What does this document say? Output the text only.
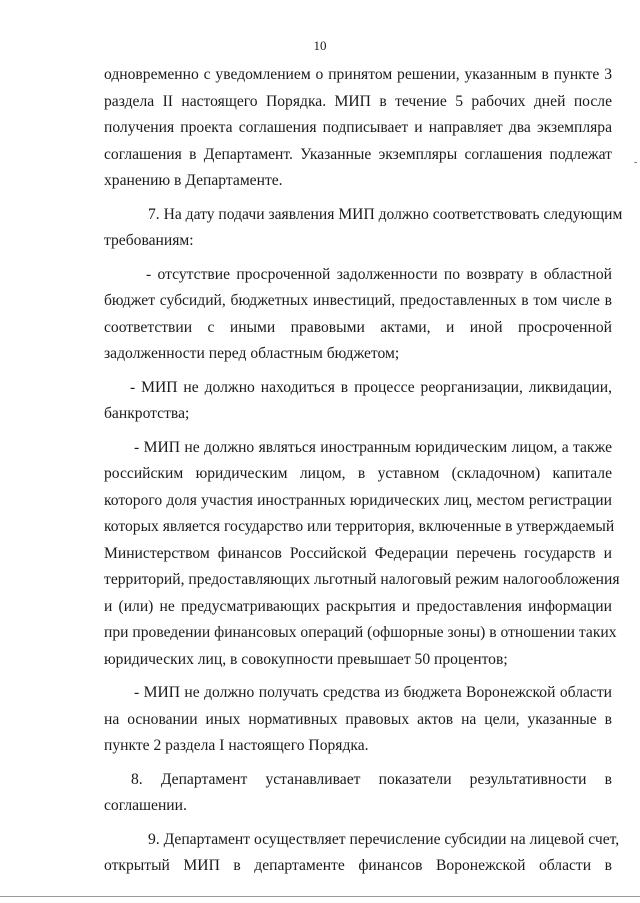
10
-
одновременно с уведомлением о принятом решении, указанным в пункте 3
раздела II настоящего Порядка. МИП в течение 5 рабочих дней после
получения проекта соглашения подписывает и направляет два экземпляра
соглашения в Департамент. Указанные экземпляры соглашения подлежат
хранению в Департаменте.
7. На дату подачи заявления МИП должно соответствовать следующим
требованиям:
- отсутствие просроченной задолженности по возврату в областной
бюджет субсидий, бюджетных инвестиций, предоставленных в том числе в
соответствии с иными правовыми актами, и иной просроченной
задолженности перед областным бюджетом;
- МИП не должно находиться в процессе реорганизации, ликвидации,
банкротства;
- МИП не должно являться иностранным юридическим лицом, а также
российским юридическим лицом, в уставном (складочном) капитале
которого доля участия иностранных юридических лиц, местом регистрации
которых является государство или территория, включенные в утверждаемый
Министерством финансов Российской Федерации перечень государств и
территорий, предоставляющих льготный налоговый режим налогообложения
и (или) не предусматривающих раскрытия и предоставления информации
при проведении финансовых операций (офшорные зоны) в отношении таких
юридических лиц, в совокупности превышает 50 процентов;
- МИП не должно получать средства из бюджета Воронежской области
на основании иных нормативных правовых актов на цели, указанные в
пункте 2 раздела I настоящего Порядка.
8. Департамент устанавливает показатели результативности в
соглашении.
9. Департамент осуществляет перечисление субсидии на лицевой счет,
открытый МИП в департаменте финансов Воронежской области в
